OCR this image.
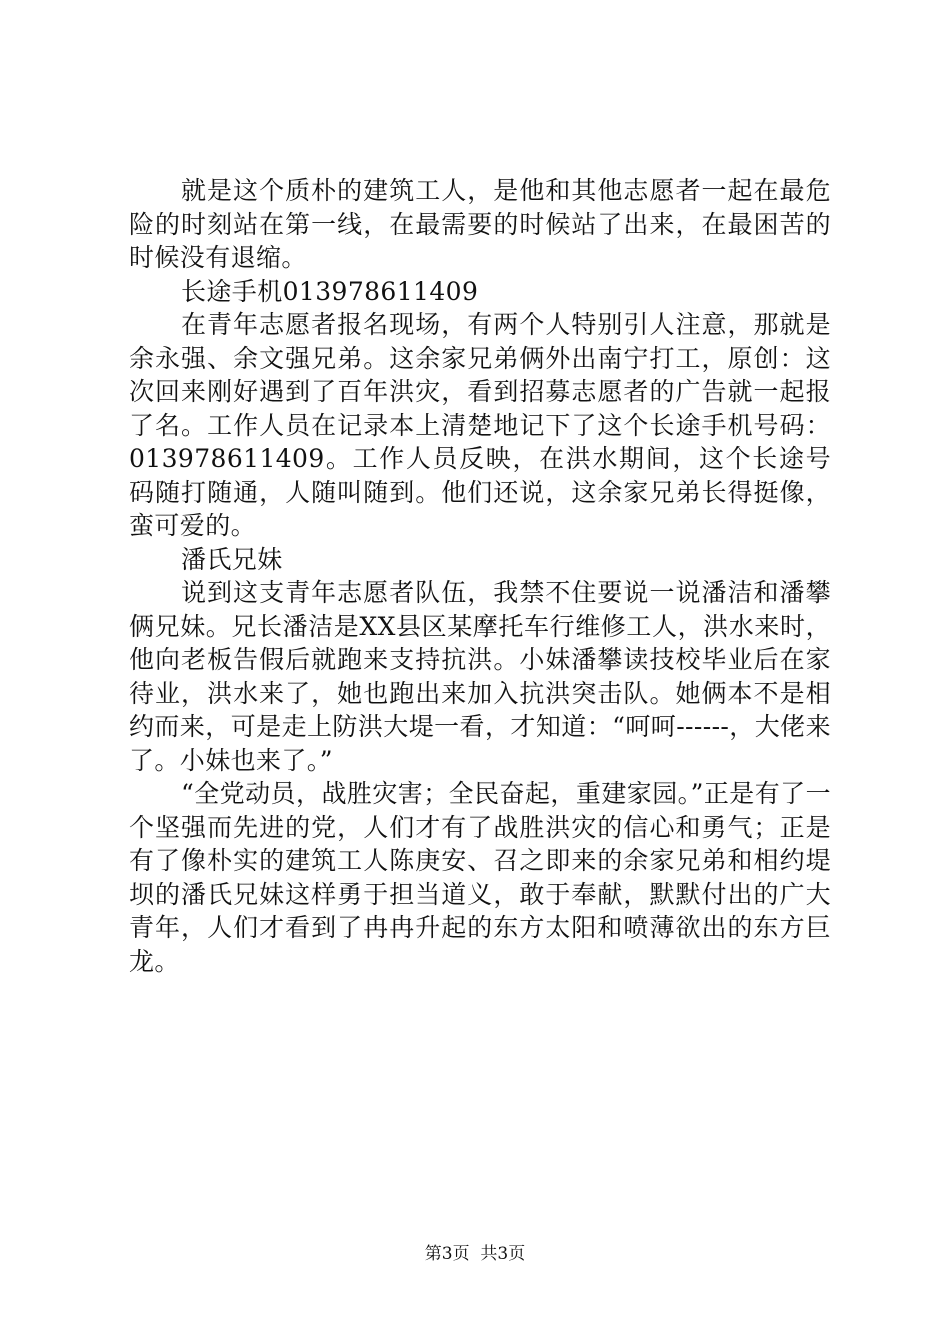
就是这个质朴的建筑工人，是他和其他志愿者一起在最危险的时刻站在第一线，在最需要的时候站了出来，在最困苦的时候没有退缩。

长途手机013978611409

在青年志愿者报名现场，有两个人特别引人注意，那就是余永强、余文强兄弟。这余家兄弟俩外出南宁打工，原创：这次回来刚好遇到了百年洪灾，看到招募志愿者的广告就一起报了名。工作人员在记录本上清楚地记下了这个长途手机号码：013978611409。工作人员反映，在洪水期间，这个长途号码随打随通，人随叫随到。他们还说，这余家兄弟长得挺像，蛮可爱的。

潘氏兄妹

说到这支青年志愿者队伍，我禁不住要说一说潘洁和潘攀俩兄妹。兄长潘洁是XX县区某摩托车行维修工人，洪水来时，他向老板告假后就跑来支持抗洪。小妹潘攀读技校毕业后在家待业，洪水来了，她也跑出来加入抗洪突击队。她俩本不是相约而来，可是走上防洪大堤一看，才知道：“呵呵------，大佬来了。小妹也来了。”

“全党动员，战胜灾害；全民奋起，重建家园。”正是有了一个坚强而先进的党，人们才有了战胜洪灾的信心和勇气；正是有了像朴实的建筑工人陈庚安、召之即来的余家兄弟和相约堤坝的潘氏兄妹这样勇于担当道义，敢于奉献，默默付出的广大青年，人们才看到了冉冉升起的东方太阳和喷薄欲出的东方巨龙。

第3页  共3页
